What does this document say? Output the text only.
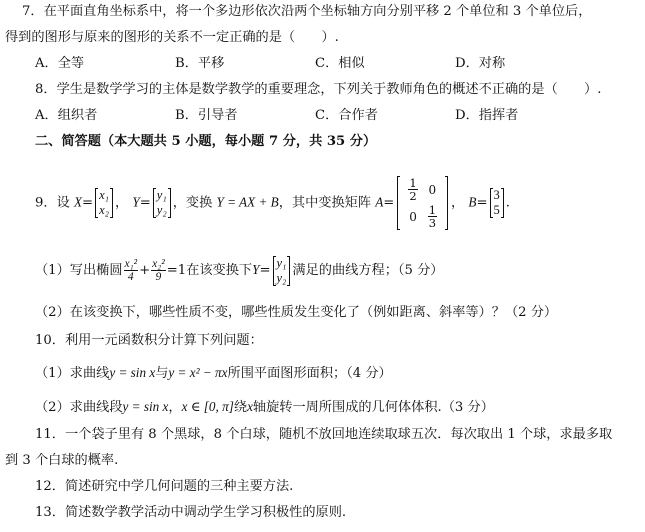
7．在平面直角坐标系中，将一个多边形依次沿两个坐标轴方向分别平移 2 个单位和 3 个单位后，
得到的图形与原来的图形的关系不一定正确的是（　　）.
A．全等	B．平移	C．相似	D．对称
8．学生是数学学习的主体是数学教学的重要理念，下列关于教师角色的概述不正确的是（　　）.
A．组织者	B．引导者	C．合作者	D．指挥者
二、简答题（本大题共 5 小题，每小题 7 分，共 35 分）
9．设 X=
x₁
x₂ ， Y=
y₁
y₂ ，变换 Y = AX + B，其中变换矩阵 A=
$\frac{1}{2}$	0
0	$\frac{1}{3}$
， B=
3
5 .
（1）写出椭圆 $\frac{\text{x₁²}}{4} + \frac{\text{x₂²}}{9} =1$在该变换下Y=
y₁
y₂ 满足的曲线方程；（5 分）
（2）在该变换下，哪些性质不变，哪些性质发生变化了（例如距离、斜率等）？（2 分）
10．利用一元函数积分计算下列问题：
（1）求曲线y = sin x与y = x² − πx所围平面图形面积；（4 分）
（2）求曲线段y = sin x，x ∈ [0, π]绕x轴旋转一周所围成的几何体体积.（3 分）
11．一个袋子里有 8 个黑球，8 个白球，随机不放回地连续取球五次．每次取出 1 个球，求最多取
到 3 个白球的概率.
12．简述研究中学几何问题的三种主要方法.
13．简述数学教学活动中调动学生学习积极性的原则.
